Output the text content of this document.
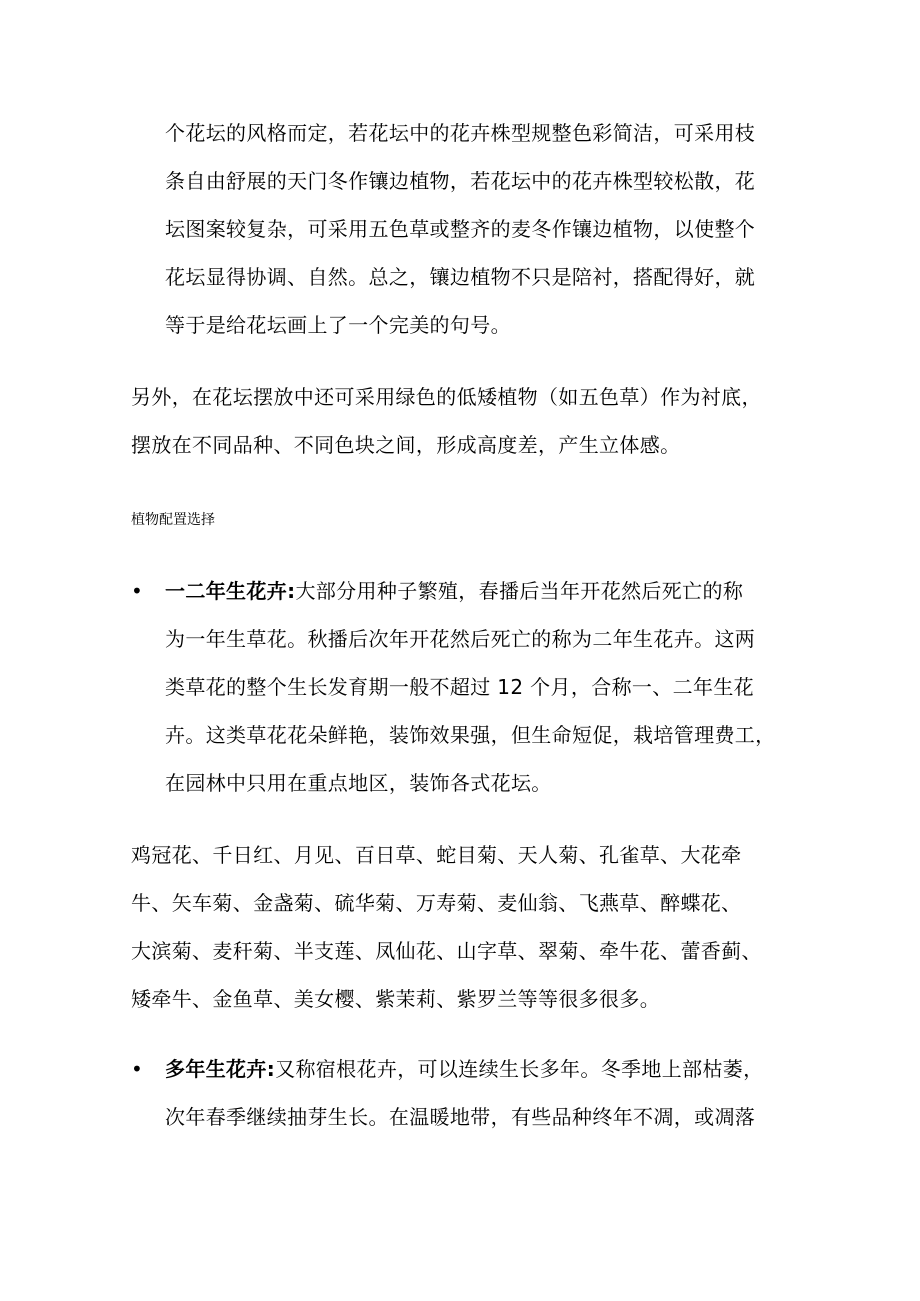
个花坛的风格而定，若花坛中的花卉株型规整色彩简洁，可采用枝
条自由舒展的天门冬作镶边植物，若花坛中的花卉株型较松散，花
坛图案较复杂，可采用五色草或整齐的麦冬作镶边植物，以使整个
花坛显得协调、自然。总之，镶边植物不只是陪衬，搭配得好，就
等于是给花坛画上了一个完美的句号。
另外，在花坛摆放中还可采用绿色的低矮植物（如五色草）作为衬底，
摆放在不同品种、不同色块之间，形成高度差，产生立体感。
植物配置选择
• 一二年生花卉:大部分用种子繁殖，春播后当年开花然后死亡的称
为一年生草花。秋播后次年开花然后死亡的称为二年生花卉。这两
类草花的整个生长发育期一般不超过 12 个月，合称一、二年生花
卉。这类草花花朵鲜艳，装饰效果强，但生命短促，栽培管理费工，
在园林中只用在重点地区，装饰各式花坛。
鸡冠花、千日红、月见、百日草、蛇目菊、天人菊、孔雀草、大花牵
牛、矢车菊、金盏菊、硫华菊、万寿菊、麦仙翁、飞燕草、醉蝶花、
大滨菊、麦秆菊、半支莲、凤仙花、山字草、翠菊、牵牛花、蕾香蓟、
矮牵牛、金鱼草、美女樱、紫茉莉、紫罗兰等等很多很多。
• 多年生花卉:又称宿根花卉，可以连续生长多年。冬季地上部枯萎，
次年春季继续抽芽生长。在温暖地带，有些品种终年不凋，或凋落
